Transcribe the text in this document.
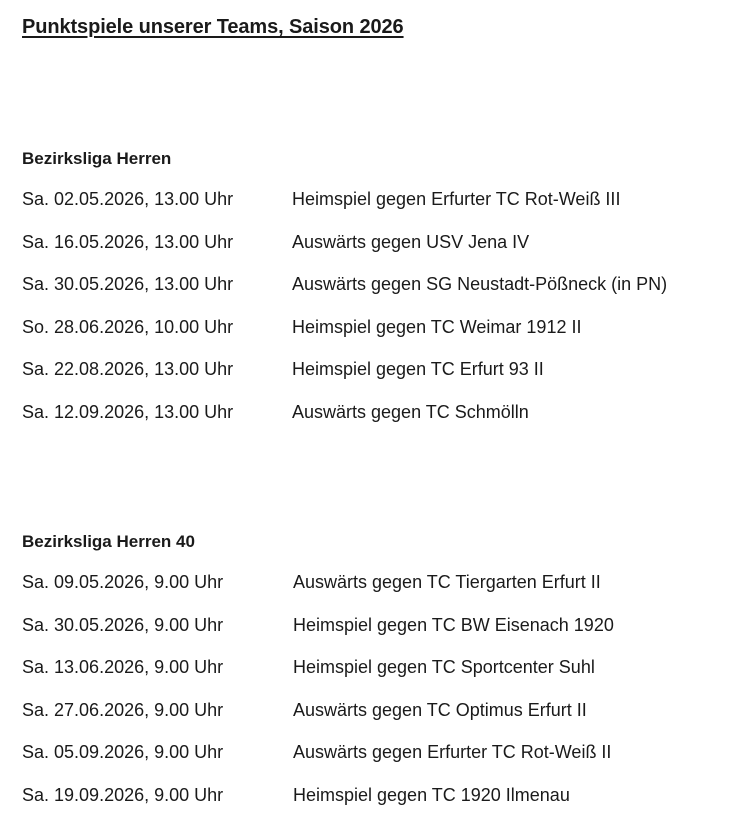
Punktspiele unserer Teams, Saison 2026
Bezirksliga Herren
Sa. 02.05.2026, 13.00 Uhr	Heimspiel gegen Erfurter TC Rot-Weiß III
Sa. 16.05.2026, 13.00 Uhr	Auswärts gegen USV Jena IV
Sa. 30.05.2026, 13.00 Uhr	Auswärts gegen SG Neustadt-Pößneck (in PN)
So. 28.06.2026, 10.00 Uhr	Heimspiel gegen TC Weimar 1912 II
Sa. 22.08.2026, 13.00 Uhr	Heimspiel gegen TC Erfurt 93 II
Sa. 12.09.2026, 13.00 Uhr	Auswärts gegen TC Schmölln
Bezirksliga Herren 40
Sa. 09.05.2026, 9.00 Uhr	Auswärts gegen TC Tiergarten Erfurt II
Sa. 30.05.2026, 9.00 Uhr	Heimspiel gegen TC BW Eisenach 1920
Sa. 13.06.2026, 9.00 Uhr	Heimspiel gegen TC Sportcenter Suhl
Sa. 27.06.2026, 9.00 Uhr	Auswärts gegen TC Optimus Erfurt II
Sa. 05.09.2026, 9.00 Uhr	Auswärts gegen Erfurter TC Rot-Weiß II
Sa. 19.09.2026, 9.00 Uhr	Heimspiel gegen TC 1920 Ilmenau
